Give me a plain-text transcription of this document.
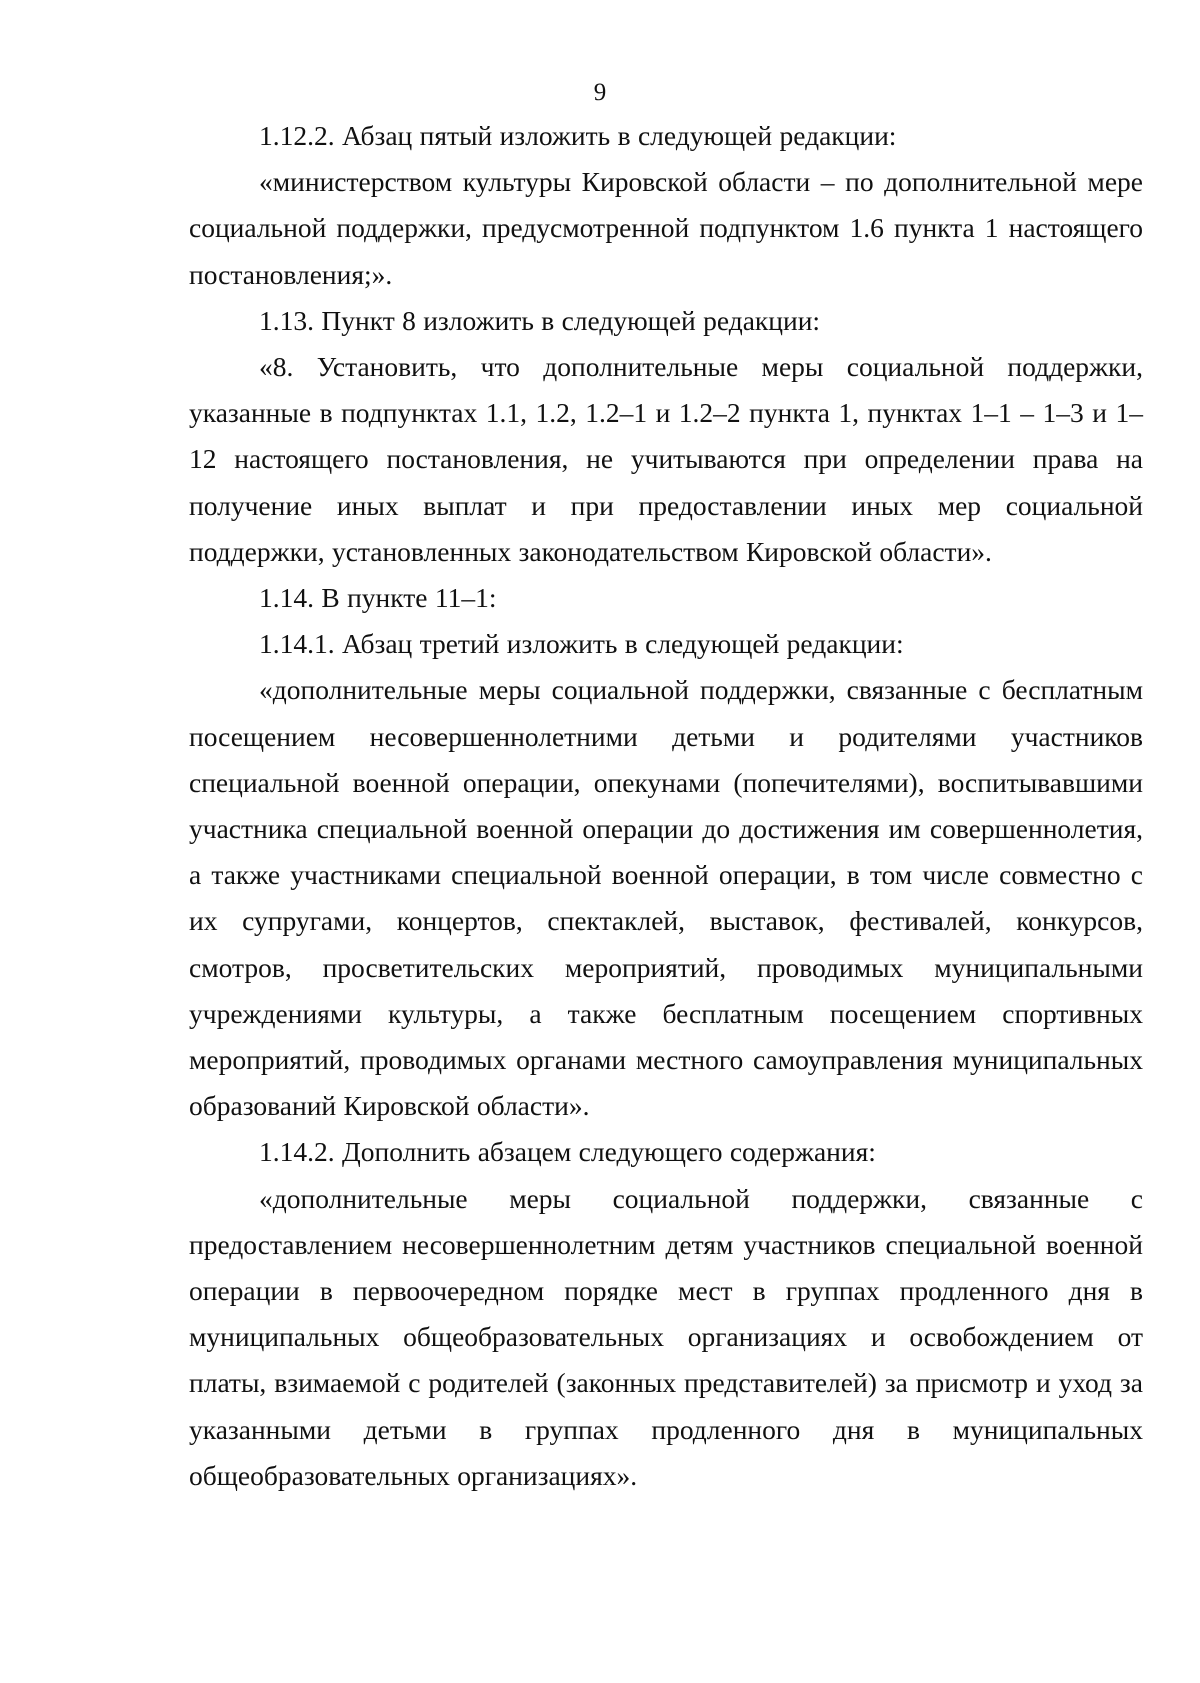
9

1.12.2. Абзац пятый изложить в следующей редакции:

«министерством культуры Кировской области – по дополнительной мере социальной поддержки, предусмотренной подпунктом 1.6 пункта 1 настоящего постановления;».

1.13. Пункт 8 изложить в следующей редакции:

«8. Установить, что дополнительные меры социальной поддержки, указанные в подпунктах 1.1, 1.2, 1.2–1 и 1.2–2 пункта 1, пунктах 1–1 – 1–3 и 1–12 настоящего постановления, не учитываются при определении права на получение иных выплат и при предоставлении иных мер социальной поддержки, установленных законодательством Кировской области».

1.14. В пункте 11–1:

1.14.1. Абзац третий изложить в следующей редакции:

«дополнительные меры социальной поддержки, связанные с бесплатным посещением несовершеннолетними детьми и родителями участников специальной военной операции, опекунами (попечителями), воспитывавшими участника специальной военной операции до достижения им совершеннолетия, а также участниками специальной военной операции, в том числе совместно с их супругами, концертов, спектаклей, выставок, фестивалей, конкурсов, смотров, просветительских мероприятий, проводимых муниципальными учреждениями культуры, а также бесплатным посещением спортивных мероприятий, проводимых органами местного самоуправления муниципальных образований Кировской области».

1.14.2. Дополнить абзацем следующего содержания:

«дополнительные меры социальной поддержки, связанные с предоставлением несовершеннолетним детям участников специальной военной операции в первоочередном порядке мест в группах продленного дня в муниципальных общеобразовательных организациях и освобождением от платы, взимаемой с родителей (законных представителей) за присмотр и уход за указанными детьми в группах продленного дня в муниципальных общеобразовательных организациях».
